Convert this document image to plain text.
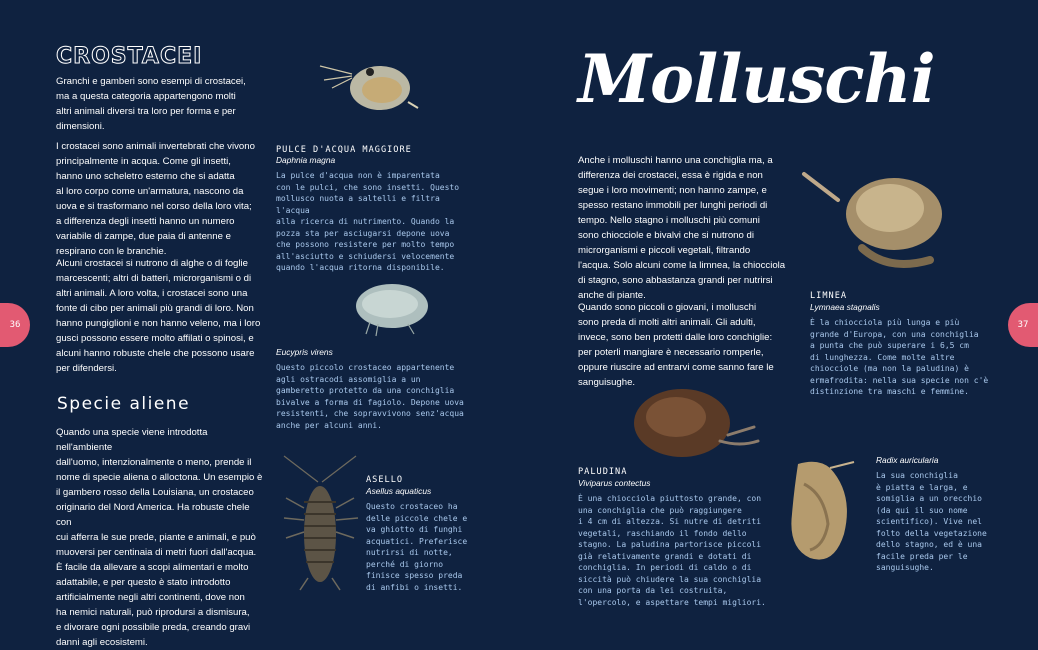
CROSTACEI

Granchi e gamberi sono esempi di crostacei,

ma a questa categoria appartengono molti

altri animali diversi tra loro per forma e per

dimensioni.

I crostacei sono animali invertebrati che vivono

principalmente in acqua. Come gli insetti,

hanno uno scheletro esterno che si adatta

al loro corpo come un'armatura, nascono da

uova e si trasformano nel corso della loro vita;

a differenza degli insetti hanno un numero

variabile di zampe, due paia di antenne e

respirano con le branchie.

Alcuni crostacei si nutrono di alghe o di foglie

marcescenti; altri di batteri, microrganismi o di

altri animali. A loro volta, i crostacei sono una

fonte di cibo per animali più grandi di loro. Non

hanno pungiglioni e non hanno veleno, ma i loro

gusci possono essere molto affilati o spinosi, e

alcuni hanno robuste chele che possono usare

per difendersi.

Specie aliene

Quando una specie viene introdotta nell'ambiente

dall'uomo, intenzionalmente o meno, prende il

nome di specie aliena o alloctona. Un esempio è

il gambero rosso della Louisiana, un crostaceo

originario del Nord America. Ha robuste chele con

cui afferra le sue prede, piante e animali, e può

muoversi per centinaia di metri fuori dall'acqua.

È facile da allevare a scopi alimentari e molto

adattabile, e per questo è stato introdotto

artificialmente negli altri continenti, dove non

ha nemici naturali, può riprodursi a dismisura,

e divorare ogni possibile preda, creando gravi

danni agli ecosistemi.

PULCE D'ACQUA MAGGIORE
Daphnia magna

La pulce d'acqua non è imparentata

con le pulci, che sono insetti. Questo

mollusco nuota a saltelli e filtra l'acqua

alla ricerca di nutrimento. Quando la

pozza sta per asciugarsi depone uova

che possono resistere per molto tempo

all'asciutto e schiudersi velocemente

quando l'acqua ritorna disponibile.

Eucypris virens

Questo piccolo crostaceo appartenente

agli ostracodi assomiglia a un

gamberetto protetto da una conchiglia

bivalve a forma di fagiolo. Depone uova

resistenti, che sopravvivono senz'acqua

anche per alcuni anni.

ASELLO
Asellus aquaticus

Questo crostaceo ha

delle piccole chele e

va ghiotto di funghi

acquatici. Preferisce

nutrirsi di notte,

perché di giorno

finisce spesso preda

di anfibi o insetti.

36
Molluschi

Anche i molluschi hanno una conchiglia ma, a

differenza dei crostacei, essa è rigida e non

segue i loro movimenti; non hanno zampe, e

spesso restano immobili per lunghi periodi di

tempo. Nello stagno i molluschi più comuni

sono chiocciole e bivalvi che si nutrono di

microrganismi e piccoli vegetali, filtrando

l'acqua. Solo alcuni come la limnea, la chiocciola

di stagno, sono abbastanza grandi per nutrirsi

anche di piante.

Quando sono piccoli o giovani, i molluschi

sono preda di molti altri animali. Gli adulti,

invece, sono ben protetti dalle loro conchiglie:

per poterli mangiare è necessario romperle,

oppure riuscire ad entrarvi come sanno fare le

sanguisughe.

LIMNEA
Lymnaea stagnalis

È la chiocciola più lunga e più

grande d'Europa, con una conchiglia

a punta che può superare i 6,5 cm

di lunghezza. Come molte altre

chiocciole (ma non la paludina) è

ermafrodita: nella sua specie non c'è

distinzione tra maschi e femmine.

PALUDINA
Viviparus contectus

È una chiocciola piuttosto grande, con

una conchiglia che può raggiungere

i 4 cm di altezza. Si nutre di detriti

vegetali, raschiando il fondo dello

stagno. La paludina partorisce piccoli

già relativamente grandi e dotati di

conchiglia. In periodi di caldo o di

siccità può chiudere la sua conchiglia

con una porta da lei costruita,

l'opercolo, e aspettare tempi migliori.

Radix auricularia

La sua conchiglia

è piatta e larga, e

somiglia a un orecchio

(da qui il suo nome

scientifico). Vive nel

folto della vegetazione

dello stagno, ed è una

facile preda per le

sanguisughe.

37
